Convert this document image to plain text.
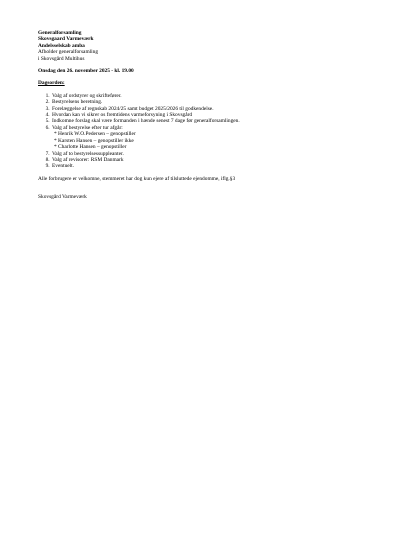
Generalforsamling
Skovsgaard Varmeværk
Andelsselskab amba
Afholder generalforsamling
i Skovsgård Multihus
Onsdag den 26. november 2025 - kl. 19.00
Dagsorden:
1. Valg af ordstyrer og skriftefører.
2. Bestyrelsens beretning.
3. Forelæggelse af regnskab 2024/25 samt budget 2025/2026 til godkendelse.
4. Hvordan kan vi sikrer os fremtidens varmeforsyning i Skovsgård
5. Indkomne forslag skal være formanden i hænde senest 7 dage før generalforsamlingen.
6. Valg af bestyrelse efter tur afgår:
* Henrik W.O.Pedersen – genopstiller
* Karsten Hansen – genopstiller ikke
* Charlotte Hansen – genopstiller
7. Valg af to bestyrelsessuppleanter.
8. Valg af revisorer: RSM Danmark
9. Eventuelt.
Alle forbrugere er velkomne, stemmeret har dog kun ejere af tilsluttede ejendomme, iflg.§3
Skovsgård Varmeværk
